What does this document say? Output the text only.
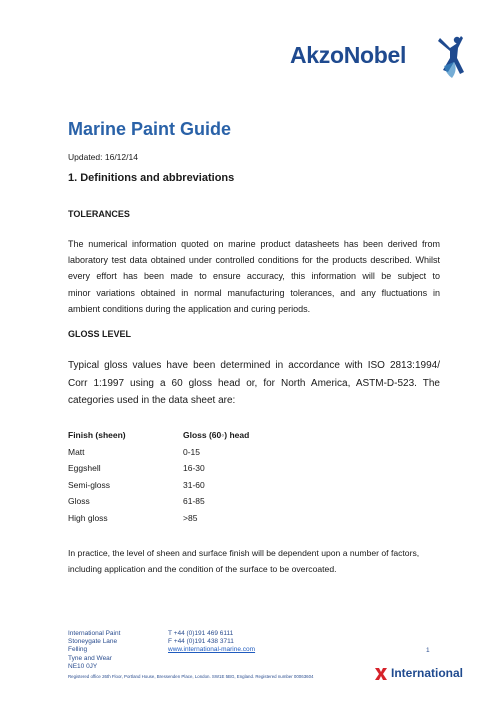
AkzoNobel
Marine Paint Guide
Updated: 16/12/14
1. Definitions and abbreviations
TOLERANCES
The numerical information quoted on marine product datasheets has been derived from
laboratory test data obtained under controlled conditions for the products described. Whilst
every effort has been made to ensure accuracy, this information will be subject to
minor variations obtained in normal manufacturing tolerances, and any fluctuations in
ambient conditions during the application and curing periods.
GLOSS LEVEL
Typical gloss values have been determined in accordance with ISO 2813:1994/
Corr 1:1997 using a 60 gloss head or, for North America, ASTM-D-523. The
categories used in the data sheet are:
Finish (sheen)	Gloss (60◦) head
Matt	0-15
Eggshell	16-30
Semi-gloss	31-60
Gloss	61-85
High gloss	>85
In practice, the level of sheen and surface finish will be dependent upon a number of factors,
including application and the condition of the surface to be overcoated.
International Paint
Stoneygate Lane
Felling
Tyne and Wear
NE10 0JY
T +44 (0)191 469 6111
F +44 (0)191 438 3711
www.international-marine.com	1
Registered office 26th Floor, Portland House, Bressenden Place, London. SW1E 5BG, England. Registered number 00063604	International
